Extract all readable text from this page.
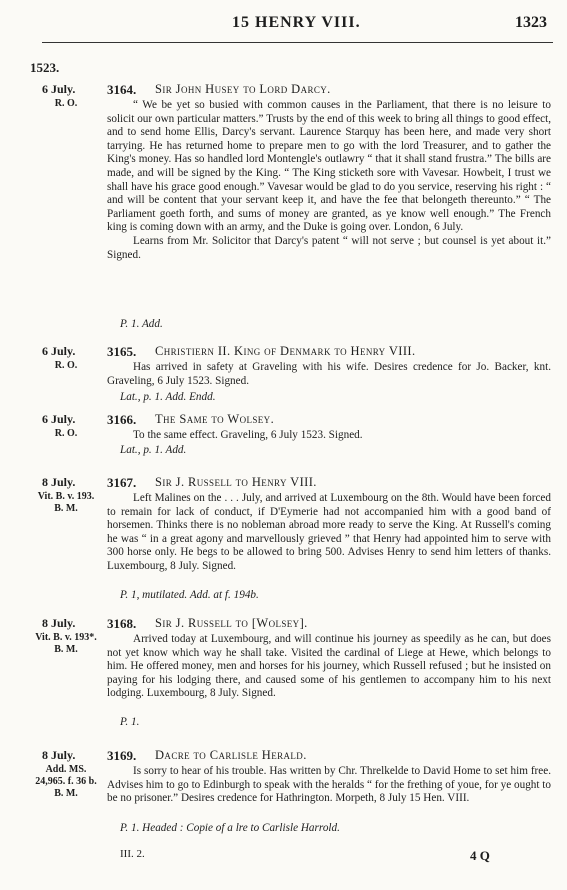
15 HENRY VIII.	1323
1523.
6 July.
R. O.
3164. Sir John Husey to Lord Darcy.

“ We be yet so busied with common causes in the Parliament, that there is no leisure to solicit our own particular matters.” Trusts by the end of this week to bring all things to good effect, and to send home Ellis, Darcy's servant. Laurence Starquy has been here, and made very short tarrying. He has returned home to prepare men to go with the lord Treasurer, and to gather the King's money. Has so handled lord Montengle's outlawry “ that it shall stand frustra.” The bills are made, and will be signed by the King. “ The King sticketh sore with Vavesar. Howbeit, I trust we shall have his grace good enough.” Vavesar would be glad to do you service, reserving his right : “ and will be content that your servant keep it, and have the fee that belongeth thereunto.” “ The Parliament goeth forth, and sums of money are granted, as ye know well enough.” The French king is coming down with an army, and the Duke is going over. London, 6 July.

Learns from Mr. Solicitor that Darcy's patent “ will not serve ; but counsel is yet about it.” Signed.

P. 1. Add.
6 July.
R. O.
3165. Christiern II. King of Denmark to Henry VIII.

Has arrived in safety at Graveling with his wife. Desires credence for Jo. Backer, knt. Graveling, 6 July 1523. Signed.

Lat., p. 1. Add. Endd.
6 July.
R. O.
3166. The Same to Wolsey.

To the same effect. Graveling, 6 July 1523. Signed.

Lat., p. 1. Add.
8 July.
Vit. B. v. 193.
B. M.
3167. Sir J. Russell to Henry VIII.

Left Malines on the . . . July, and arrived at Luxembourg on the 8th. Would have been forced to remain for lack of conduct, if D'Eymerie had not accompanied him with a good band of horsemen. Thinks there is no nobleman abroad more ready to serve the King. At Russell's coming he was “ in a great agony and marvellously grieved ” that Henry had appointed him to serve with 300 horse only. He begs to be allowed to bring 500. Advises Henry to send him letters of thanks. Luxembourg, 8 July. Signed.

P. 1, mutilated. Add. at f. 194b.
8 July.
Vit. B. v. 193*.
B. M.
3168. Sir J. Russell to [Wolsey].

Arrived today at Luxembourg, and will continue his journey as speedily as he can, but does not yet know which way he shall take. Visited the cardinal of Liege at Hewe, which belongs to him. He offered money, men and horses for his journey, which Russell refused ; but he insisted on paying for his lodging there, and caused some of his gentlemen to accompany him to his next lodging. Luxembourg, 8 July. Signed.

P. 1.
8 July.
Add. MS.
24,965. f. 36 b.
B. M.
3169. Dacre to Carlisle Herald.

Is sorry to hear of his trouble. Has written by Chr. Threlkelde to David Home to set him free. Advises him to go to Edinburgh to speak with the heralds “ for the frething of youe, for ye ought to be no prisoner.” Desires credence for Hathrington. Morpeth, 8 July 15 Hen. VIII.

P. 1. Headed : Copie of a lre to Carlisle Harrold.
III. 2.	4 Q
